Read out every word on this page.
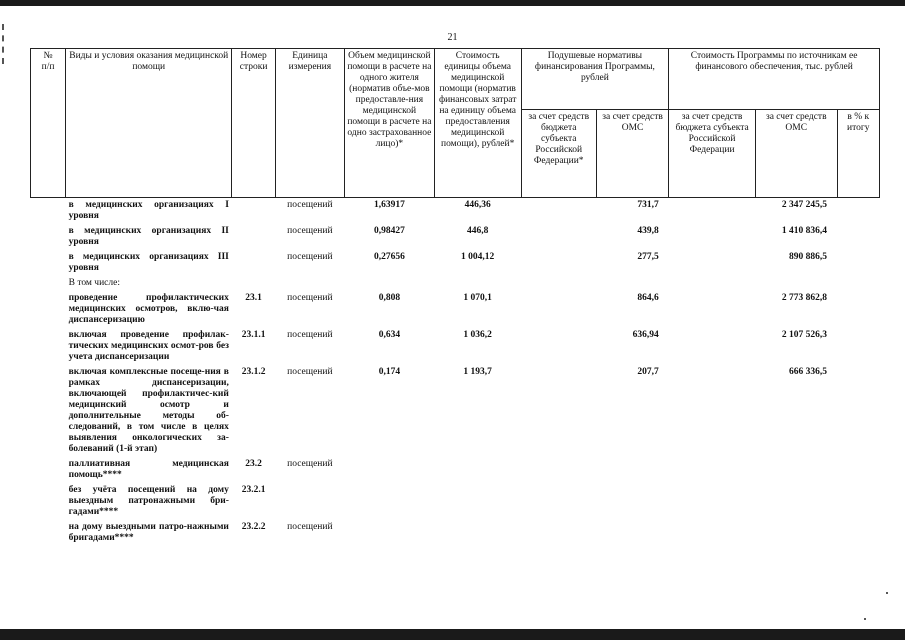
21
№
п/п	Виды и условия оказания медицинской помощи	Номер строки	Единица измерения	Объем медицинской помощи в расчете на одного жителя (норматив объе-мов предоставле-ния медицинской помощи в расчете на одно застрахованное лицо)*	Стоимость единицы объема медицинской помощи (норматив финансовых затрат на единицу объема предоставления медицинской помощи), рублей*	Подушевые нормативы финансирования Программы, рублей		Стоимость Программы по источникам ее финансового обеспечения, тыс. рублей		
						за счет средств бюджета субъекта Российской Федерации*	за счет средств ОМС	за счет средств бюджета субъекта Российской Федерации	за счет средств ОМС	в % к итогу
	в медицинских организациях I уровня		посещений	1,63917	446,36		731,7		2 347 245,5	
	в медицинских организациях II уровня		посещений	0,98427	446,8		439,8		1 410 836,4	
	в медицинских организациях III уровня		посещений	0,27656	1 004,12		277,5		890 886,5	
	В том числе:									
	проведение профилактических медицинских осмотров, вклю-чая диспансеризацию	23.1	посещений	0,808	1 070,1		864,6		2 773 862,8	
	включая проведение профилак-тических медицинских осмот-ров без учета диспансеризации	23.1.1	посещений	0,634	1 036,2		636,94		2 107 526,3	
	включая комплексные посеще-ния в рамках диспансеризации, включающей профилактичес-кий медицинский осмотр и дополнительные методы об-следований, в том числе в целях выявления онкологических за-болеваний (1-й этап)	23.1.2	посещений	0,174	1 193,7		207,7		666 336,5	
	паллиативная медицинская помощь****	23.2	посещений							
	без учёта посещений на дому выездным патронажными бри-гадами****	23.2.1								
	на дому выездными патро-нажными бригадами****	23.2.2	посещений							
